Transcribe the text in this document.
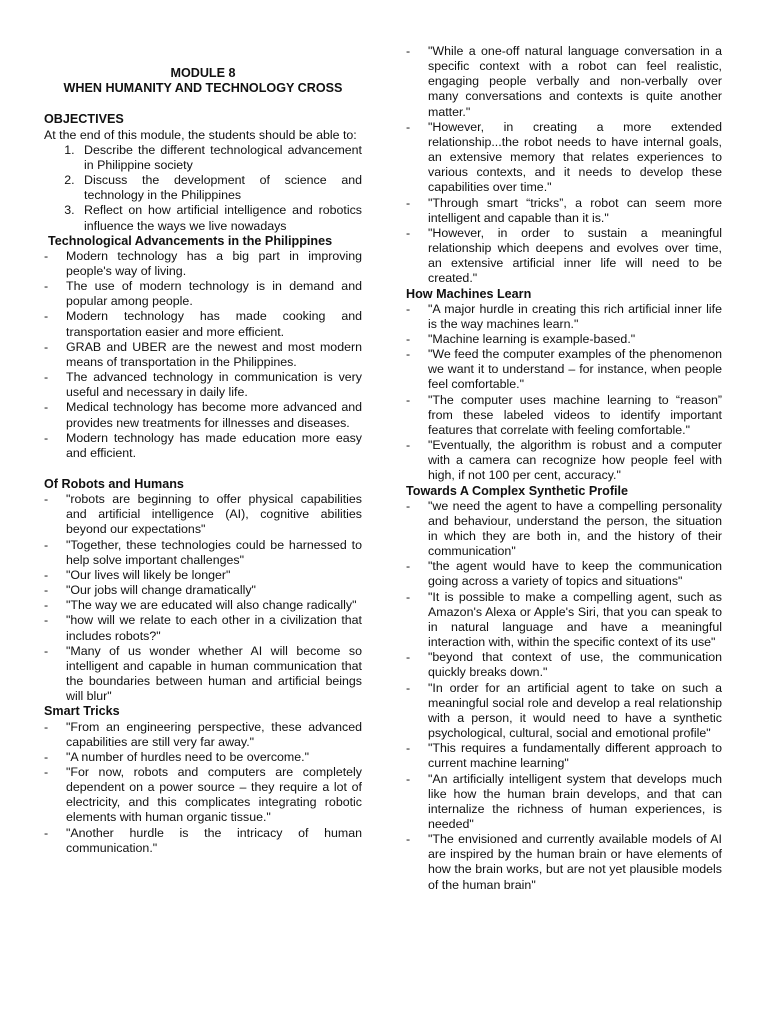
MODULE 8
WHEN HUMANITY AND TECHNOLOGY CROSS
OBJECTIVES

At the end of this module, the students should be able to:

1. Describe the different technological advancement in Philippine society
2. Discuss the development of science and technology in the Philippines
3. Reflect on how artificial intelligence and robotics influence the ways we live nowadays
Technological Advancements in the Philippines
- Modern technology has a big part in improving people's way of living.
- The use of modern technology is in demand and popular among people.
- Modern technology has made cooking and transportation easier and more efficient.
- GRAB and UBER are the newest and most modern means of transportation in the Philippines.
- The advanced technology in communication is very useful and necessary in daily life.
- Medical technology has become more advanced and provides new treatments for illnesses and diseases.
- Modern technology has made education more easy and efficient.
Of Robots and Humans
- "robots are beginning to offer physical capabilities and artificial intelligence (AI), cognitive abilities beyond our expectations"
- "Together, these technologies could be harnessed to help solve important challenges"
- "Our lives will likely be longer"
- "Our jobs will change dramatically"
- "The way we are educated will also change radically"
- "how will we relate to each other in a civilization that includes robots?"
- "Many of us wonder whether AI will become so intelligent and capable in human communication that the boundaries between human and artificial beings will blur"
Smart Tricks
- "From an engineering perspective, these advanced capabilities are still very far away."
- "A number of hurdles need to be overcome."
- "For now, robots and computers are completely dependent on a power source – they require a lot of electricity, and this complicates integrating robotic elements with human organic tissue."
- "Another hurdle is the intricacy of human communication."
- "While a one-off natural language conversation in a specific context with a robot can feel realistic, engaging people verbally and non-verbally over many conversations and contexts is quite another matter."
- "However, in creating a more extended relationship...the robot needs to have internal goals, an extensive memory that relates experiences to various contexts, and it needs to develop these capabilities over time."
- "Through smart “tricks”, a robot can seem more intelligent and capable than it is."
- "However, in order to sustain a meaningful relationship which deepens and evolves over time, an extensive artificial inner life will need to be created."
How Machines Learn
- "A major hurdle in creating this rich artificial inner life is the way machines learn."
- "Machine learning is example-based."
- "We feed the computer examples of the phenomenon we want it to understand – for instance, when people feel comfortable."
- "The computer uses machine learning to “reason” from these labeled videos to identify important features that correlate with feeling comfortable."
- "Eventually, the algorithm is robust and a computer with a camera can recognize how people feel with high, if not 100 per cent, accuracy."
Towards A Complex Synthetic Profile
- "we need the agent to have a compelling personality and behaviour, understand the person, the situation in which they are both in, and the history of their communication"
- "the agent would have to keep the communication going across a variety of topics and situations"
- "It is possible to make a compelling agent, such as Amazon's Alexa or Apple's Siri, that you can speak to in natural language and have a meaningful interaction with, within the specific context of its use"
- "beyond that context of use, the communication quickly breaks down."
- "In order for an artificial agent to take on such a meaningful social role and develop a real relationship with a person, it would need to have a synthetic psychological, cultural, social and emotional profile"
- "This requires a fundamentally different approach to current machine learning"
- "An artificially intelligent system that develops much like how the human brain develops, and that can internalize the richness of human experiences, is needed"
- "The envisioned and currently available models of AI are inspired by the human brain or have elements of how the brain works, but are not yet plausible models of the human brain"
